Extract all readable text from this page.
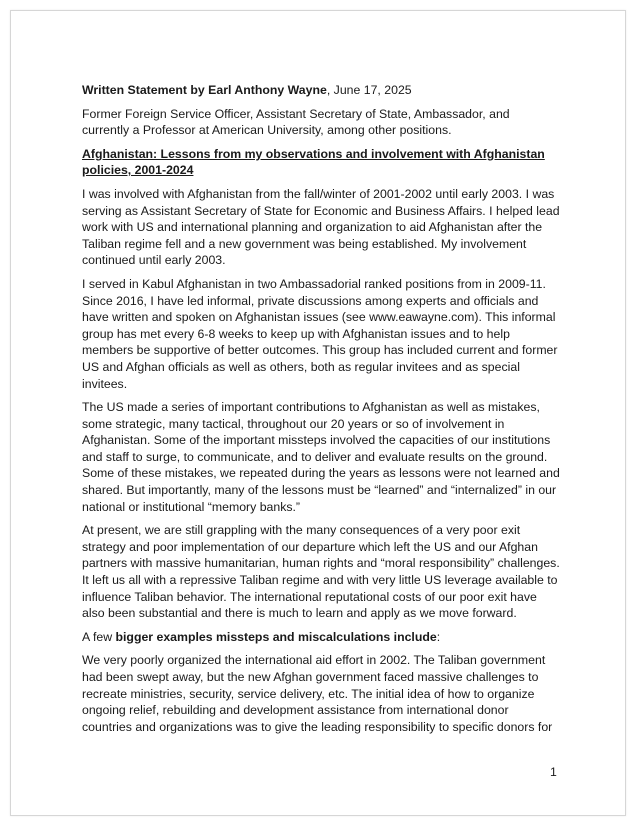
Written Statement by Earl Anthony Wayne, June 17, 2025

Former Foreign Service Officer, Assistant Secretary of State, Ambassador, and currently a Professor at American University, among other positions.

Afghanistan: Lessons from my observations and involvement with Afghanistan policies, 2001-2024

I was involved with Afghanistan from the fall/winter of 2001-2002 until early 2003. I was serving as Assistant Secretary of State for Economic and Business Affairs. I helped lead work with US and international planning and organization to aid Afghanistan after the Taliban regime fell and a new government was being established. My involvement continued until early 2003.

I served in Kabul Afghanistan in two Ambassadorial ranked positions from in 2009-11. Since 2016, I have led informal, private discussions among experts and officials and have written and spoken on Afghanistan issues (see www.eawayne.com). This informal group has met every 6-8 weeks to keep up with Afghanistan issues and to help members be supportive of better outcomes. This group has included current and former US and Afghan officials as well as others, both as regular invitees and as special invitees.

The US made a series of important contributions to Afghanistan as well as mistakes, some strategic, many tactical, throughout our 20 years or so of involvement in Afghanistan. Some of the important missteps involved the capacities of our institutions and staff to surge, to communicate, and to deliver and evaluate results on the ground. Some of these mistakes, we repeated during the years as lessons were not learned and shared. But importantly, many of the lessons must be “learned” and “internalized” in our national or institutional “memory banks.”

At present, we are still grappling with the many consequences of a very poor exit strategy and poor implementation of our departure which left the US and our Afghan partners with massive humanitarian, human rights and “moral responsibility” challenges. It left us all with a repressive Taliban regime and with very little US leverage available to influence Taliban behavior. The international reputational costs of our poor exit have also been substantial and there is much to learn and apply as we move forward.

A few bigger examples missteps and miscalculations include:

We very poorly organized the international aid effort in 2002. The Taliban government had been swept away, but the new Afghan government faced massive challenges to recreate ministries, security, service delivery, etc. The initial idea of how to organize ongoing relief, rebuilding and development assistance from international donor countries and organizations was to give the leading responsibility to specific donors for

1
